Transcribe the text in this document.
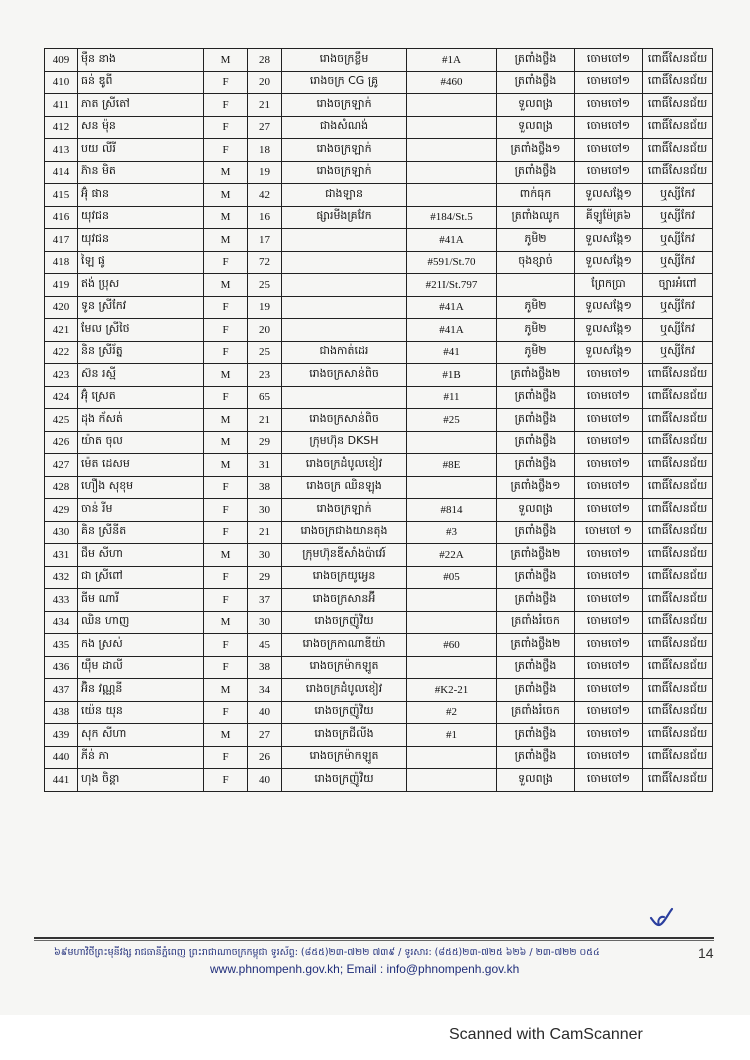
409	ម៉ឺន នាង	M	28	រោងចក្រខ្លឹម	#1A	ត្រពាំងថ្លឹង	ចោមចៅ១	ពោធិ៍សែនជ័យ
410	ធន់ ឌូពី	F	20	រោងចក្រ CG គ្រូ	#460	ត្រពាំងថ្លឹង	ចោមចៅ១	ពោធិ៍សែនជ័យ
411	ភាត ស្រីតៅ	F	21	រោងចក្រឡាក់		ទួលពង្រ	ចោមចៅ១	ពោធិ៍សែនជ័យ
412	សន ម៉ុន	F	27	ជាងសំណង់		ទួលពង្រ	ចោមចៅ១	ពោធិ៍សែនជ័យ
413	បយ លីរី	F	18	រោងចក្រឡាក់		ត្រពាំងថ្លឹង១	ចោមចៅ១	ពោធិ៍សែនជ័យ
414	ភ៊ាន មិត	M	19	រោងចក្រឡាក់		ត្រពាំងថ្លឹង	ចោមចៅ១	ពោធិ៍សែនជ័យ
415	អ៊ុំ ផាន	M	42	ជាងឡាន		ពាក់ធុក	ទួលសង្កែ១	ឬស្សីកែវ
416	យុវជន	M	16	ផ្សារមីងគ្រវែក	#184/St.5	ត្រពាំងឈូក	គីឡូម៉ែត្រ៦	ឬស្សីកែវ
417	យុវជន	M	17		#41A	ភូមិ២	ទួលសង្កែ១	ឬស្សីកែវ
418	ឡៃ ផូ	F	72		#591/St.70	ចុងខ្សាច់	ទួលសង្កែ១	ឬស្សីកែវ
419	ឥង់ ប្រុស	M	25		#21I/St.797		ព្រែកប្រា	ច្បារអំពៅ
420	ទូន ស្រីកែវ	F	19		#41A	ភូមិ២	ទួលសង្កែ១	ឬស្សីកែវ
421	មែល ស្រីថៃ	F	20		#41A	ភូមិ២	ទួលសង្កែ១	ឬស្សីកែវ
422	និន ស្រីរ័ត្ន	F	25	ជាងកាត់ដេរ	#41	ភូមិ២	ទួលសង្កែ១	ឬស្សីកែវ
423	ស៊ន រស្មី	M	23	រោងចក្រសាន់ពិច	#1B	ត្រពាំងថ្លឹង២	ចោមចៅ១	ពោធិ៍សែនជ័យ
424	អ៊ុំ ស្រេត	F	65		#11	ត្រពាំងថ្លឹង	ចោមចៅ១	ពោធិ៍សែនជ័យ
425	ដុង ក័សត់	M	21	រោងចក្រសាន់ពិច	#25	ត្រពាំងថ្លឹង	ចោមចៅ១	ពោធិ៍សែនជ័យ
426	យ៉ាត ចុល	M	29	ក្រុមហ៊ុន DKSH		ត្រពាំងថ្លឹង	ចោមចៅ១	ពោធិ៍សែនជ័យ
427	ម៉េត ដេសម	M	31	រោងចក្រដំបូលខៀវ	#8E	ត្រពាំងថ្លឹង	ចោមចៅ១	ពោធិ៍សែនជ័យ
428	ហឿង សុខុម	F	38	រោងចក្រ ឈិនឡុង		ត្រពាំងថ្លឹង១	ចោមចៅ១	ពោធិ៍សែនជ័យ
429	ចាន់ រីម	F	30	រោងចក្រឡាក់	#814	ទួលពង្រ	ចោមចៅ១	ពោធិ៍សែនជ័យ
430	គិន ស្រីនីត	F	21	រោងចក្រជាងយានតុង	#3	ត្រពាំងថ្លឹង	ចោមចៅ ១	ពោធិ៍សែនជ័យ
431	ជឹម សីហា	M	30	ក្រុមហ៊ុនឌីសាំងប៉ាវេរ៍	#22A	ត្រពាំងថ្លឹង២	ចោមចៅ១	ពោធិ៍សែនជ័យ
432	ជា ស្រីពៅ	F	29	រោងចក្រយូអ្វេន	#05	ត្រពាំងថ្លឹង	ចោមចៅ១	ពោធិ៍សែនជ័យ
433	ធីម ណារី	F	37	រោងចក្រសានអ៊ី		ត្រពាំងថ្លឹង	ចោមចៅ១	ពោធិ៍សែនជ័យ
434	ឈិន ហាញ	M	30	រោងចក្រញ៉ូវិយ		ត្រពាំងរំចេក	ចោមចៅ១	ពោធិ៍សែនជ័យ
435	កង ស្រស់	F	45	រោងចក្រកាណាឌីយ៉ា	#60	ត្រពាំងថ្លឹង២	ចោមចៅ១	ពោធិ៍សែនជ័យ
436	យ៉ឹម ដាលី	F	38	រោងចក្រម៉ាកឡូត		ត្រពាំងថ្លឹង	ចោមចៅ១	ពោធិ៍សែនជ័យ
437	អ៊ិន វណ្ណនី	M	34	រោងចក្រដំបូលខៀវ	#K2-21	ត្រពាំងថ្លឹង	ចោមចៅ១	ពោធិ៍សែនជ័យ
438	យ៉េន យុន	F	40	រោងចក្រញ៉ូវិយ	#2	ត្រពាំងរំចេក	ចោមចៅ១	ពោធិ៍សែនជ័យ
439	សុក សីហា	M	27	រោងចក្រជីលីង	#1	ត្រពាំងថ្លឹង	ចោមចៅ១	ពោធិ៍សែនជ័យ
440	ភីន់ ភា	F	26	រោងចក្រម៉ាកឡូត		ត្រពាំងថ្លឹង	ចោមចៅ១	ពោធិ៍សែនជ័យ
441	ហុង ចិន្តា	F	40	រោងចក្រញ៉ូវិយ		ទួលពង្រ	ចោមចៅ១	ពោធិ៍សែនជ័យ
៦៩មហាវិថីព្រះមុនីវង្ស រាជធានីភ្នំពេញ ព្រះរាជាណាចក្រកម្ពុជា ទូរស័ព្ទ: (៨៥៥)២៣-៧២២ ៧៣៩ / ទូរសារ: (៨៥៥)២៣-៧២៥ ៦២៦ / ២៣-៧២២ ០៥៤	14
www.phnompenh.gov.kh; Email : info@phnompenh.gov.kh
Scanned with CamScanner
